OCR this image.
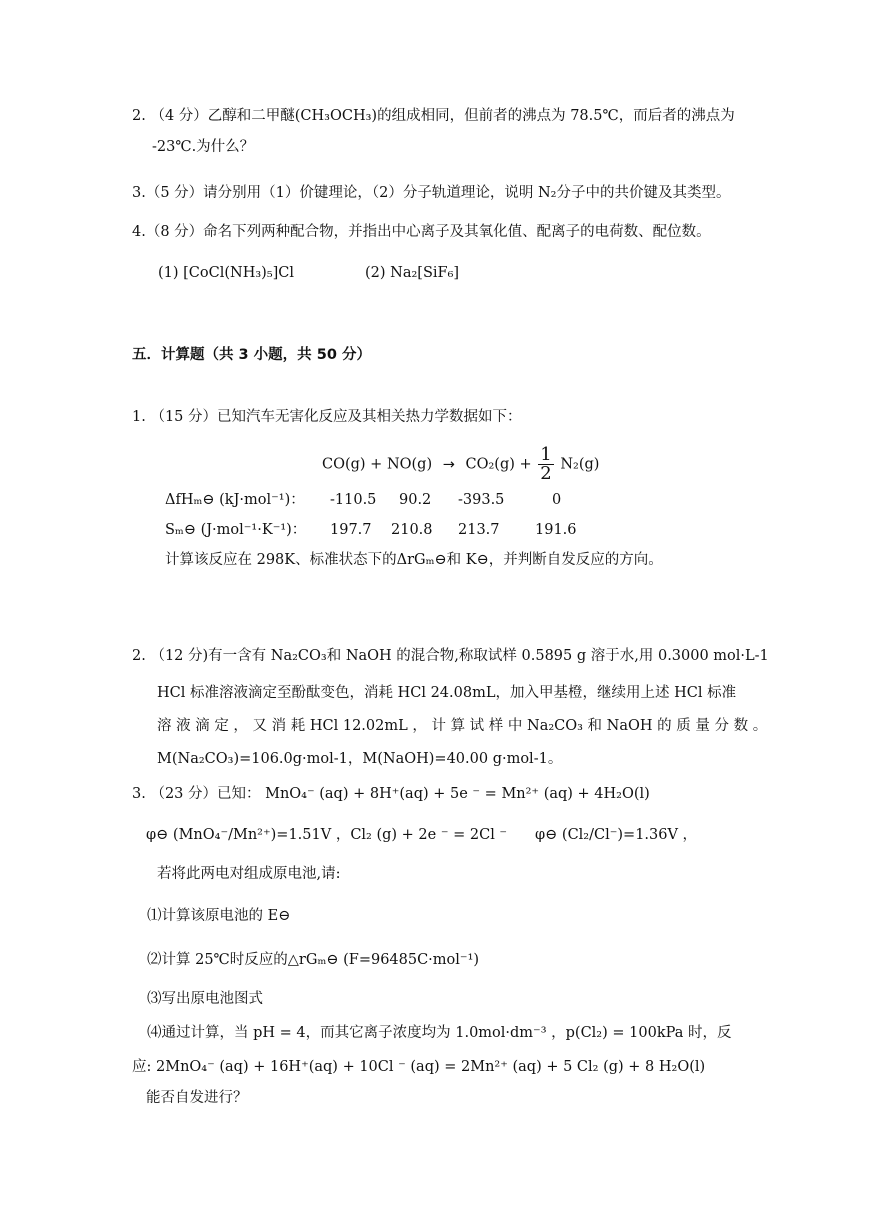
2. （4 分）乙醇和二甲醚(CH₃OCH₃)的组成相同，但前者的沸点为 78.5℃，而后者的沸点为
-23℃.为什么？
3.（5 分）请分别用（1）价键理论，（2）分子轨道理论，说明 N₂分子中的共价键及其类型。
4.（8 分）命名下列两种配合物，并指出中心离子及其氧化值、配离子的电荷数、配位数。
(1) [CoCl(NH₃)₅]Cl	(2) Na₂[SiF₆]
五．计算题（共 3 小题，共 50 分）
1. （15 分）已知汽车无害化反应及其相关热力学数据如下：
$CO(g) + NO(g) \to CO_2(g) + \frac{1}{2} N_2(g)$
ΔfHₘ⊖ (kJ·mol⁻¹)： -110.5 90.2 -393.5	0
Sₘ⊖ (J·mol⁻¹·K⁻¹)： 197.7 210.8 213.7 191.6
计算该反应在 298K、标准状态下的ΔrGₘ⊖和 K⊖，并判断自发反应的方向。
2. （12 分)有一含有 Na₂CO₃和 NaOH 的混合物,称取试样 0.5895 g 溶于水,用 0.3000 mol·L-1
HCl 标准溶液滴定至酚酞变色，消耗 HCl 24.08mL，加入甲基橙，继续用上述 HCl 标准
溶 液 滴 定 ， 又 消 耗 HCl 12.02mL ， 计 算 试 样 中 Na₂CO₃ 和 NaOH 的 质 量 分 数 。
M(Na₂CO₃)=106.0g·mol-1，M(NaOH)=40.00 g·mol-1。
3. （23 分）已知： MnO₄⁻ (aq) + 8H⁺(aq) + 5e ⁻ = Mn²⁺ (aq) + 4H₂O(l)
φ⊖ (MnO₄⁻/Mn²⁺)=1.51V ，Cl₂ (g) + 2e ⁻ = 2Cl ⁻ φ⊖ (Cl₂/Cl⁻)=1.36V ，
若将此两电对组成原电池,请:
⑴计算该原电池的 E⊖
⑵计算 25℃时反应的△rGₘ⊖ (F=96485C·mol⁻¹)
⑶写出原电池图式
⑷通过计算，当 pH = 4，而其它离子浓度均为 1.0mol·dm⁻³ ，p(Cl₂) = 100kPa 时，反
应: 2MnO₄⁻ (aq) + 16H⁺(aq) + 10Cl ⁻ (aq) = 2Mn²⁺ (aq) + 5 Cl₂ (g) + 8 H₂O(l)
能否自发进行？
